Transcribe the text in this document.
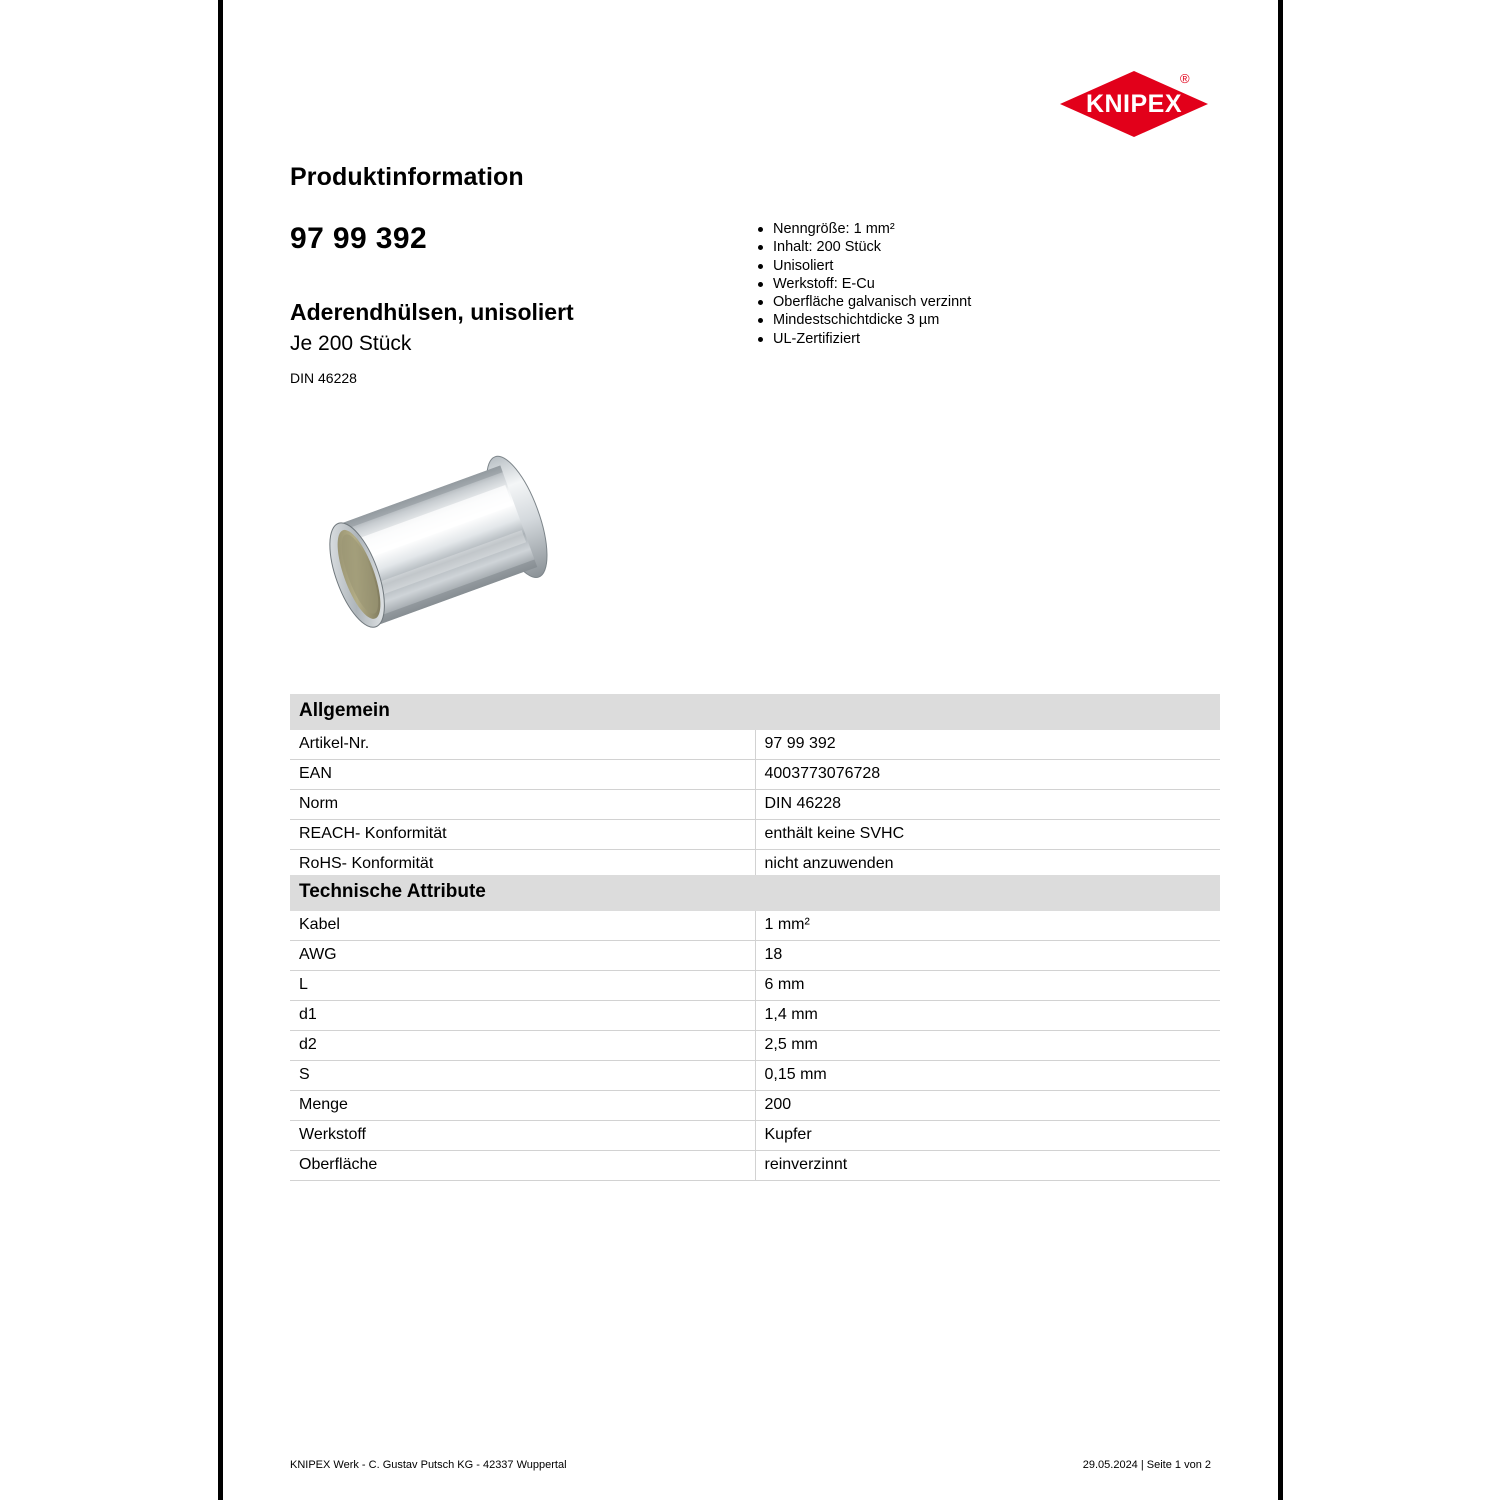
KNIPEX
®
Produktinformation
97 99 392
Aderendhülsen, unisoliert
Je 200 Stück
DIN 46228
Nenngröße: 1 mm²
Inhalt: 200 Stück
Unisoliert
Werkstoff: E-Cu
Oberfläche galvanisch verzinnt
Mindestschichtdicke 3 µm
UL-Zertifiziert
Allgemein	
Artikel-Nr.	97 99 392
EAN	4003773076728
Norm	DIN 46228
REACH- Konformität	enthält keine SVHC
RoHS- Konformität	nicht anzuwenden
Technische Attribute	
Kabel	1 mm²
AWG	18
L	6 mm
d1	1,4 mm
d2	2,5 mm
S	0,15 mm
Menge	200
Werkstoff	Kupfer
Oberfläche	reinverzinnt
KNIPEX Werk - C. Gustav Putsch KG - 42337 Wuppertal	29.05.2024 | Seite 1 von 2
